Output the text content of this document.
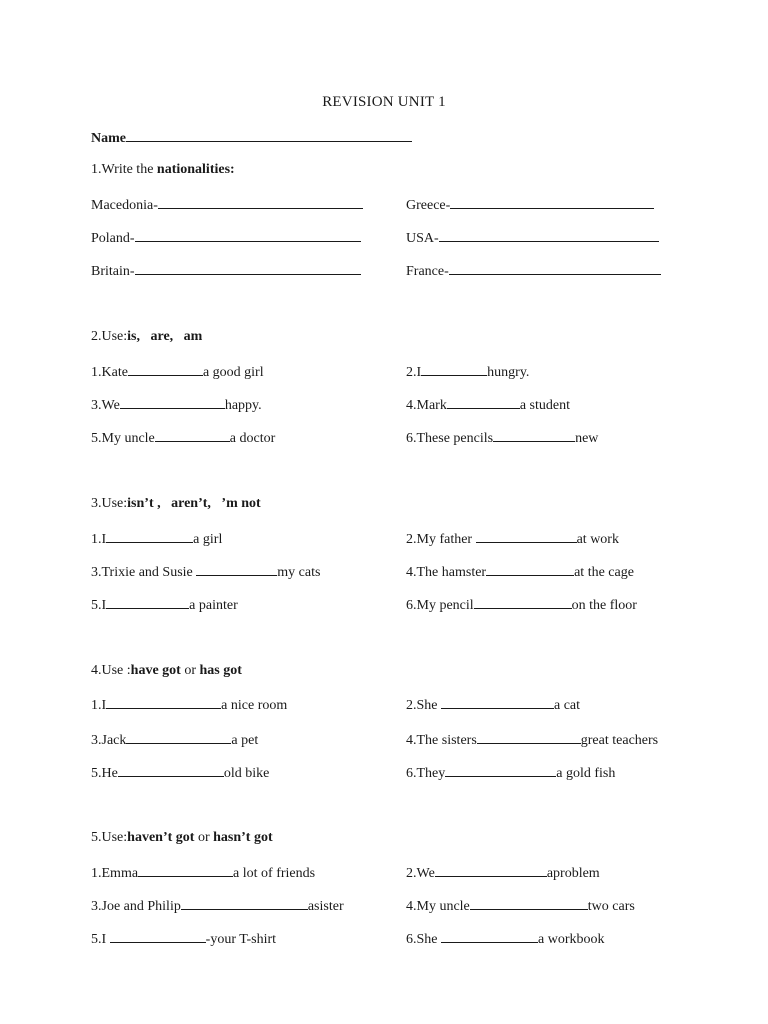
REVISION UNIT 1
Name
1.Write the nationalities:
Macedonia-	Greece-
Poland-	USA-
Britain-	France-
2.Use:is,   are,   am
1.Kate	a good girl	2.I	hungry.
3.We	happy.	4.Mark	a student
5.My uncle	a doctor	6.These pencils	new
3.Use:isn’t ,   aren’t,   ’m not
1.I	a girl	2.My father	at work
3.Trixie and Susie	my cats	4.The hamster	at the cage
5.I	a painter	6.My pencil	on the floor
4.Use :have got or has got
1.I	a nice room	2.She	a cat
3.Jack	a pet	4.The sisters	great teachers
5.He	old bike	6.They	a gold fish
5.Use:haven’t got or hasn’t got
1.Emma	a lot of friends	2.We	aproblem
3.Joe and Philip	asister	4.My uncle	two cars
5.I	-your T-shirt	6.She	a workbook
